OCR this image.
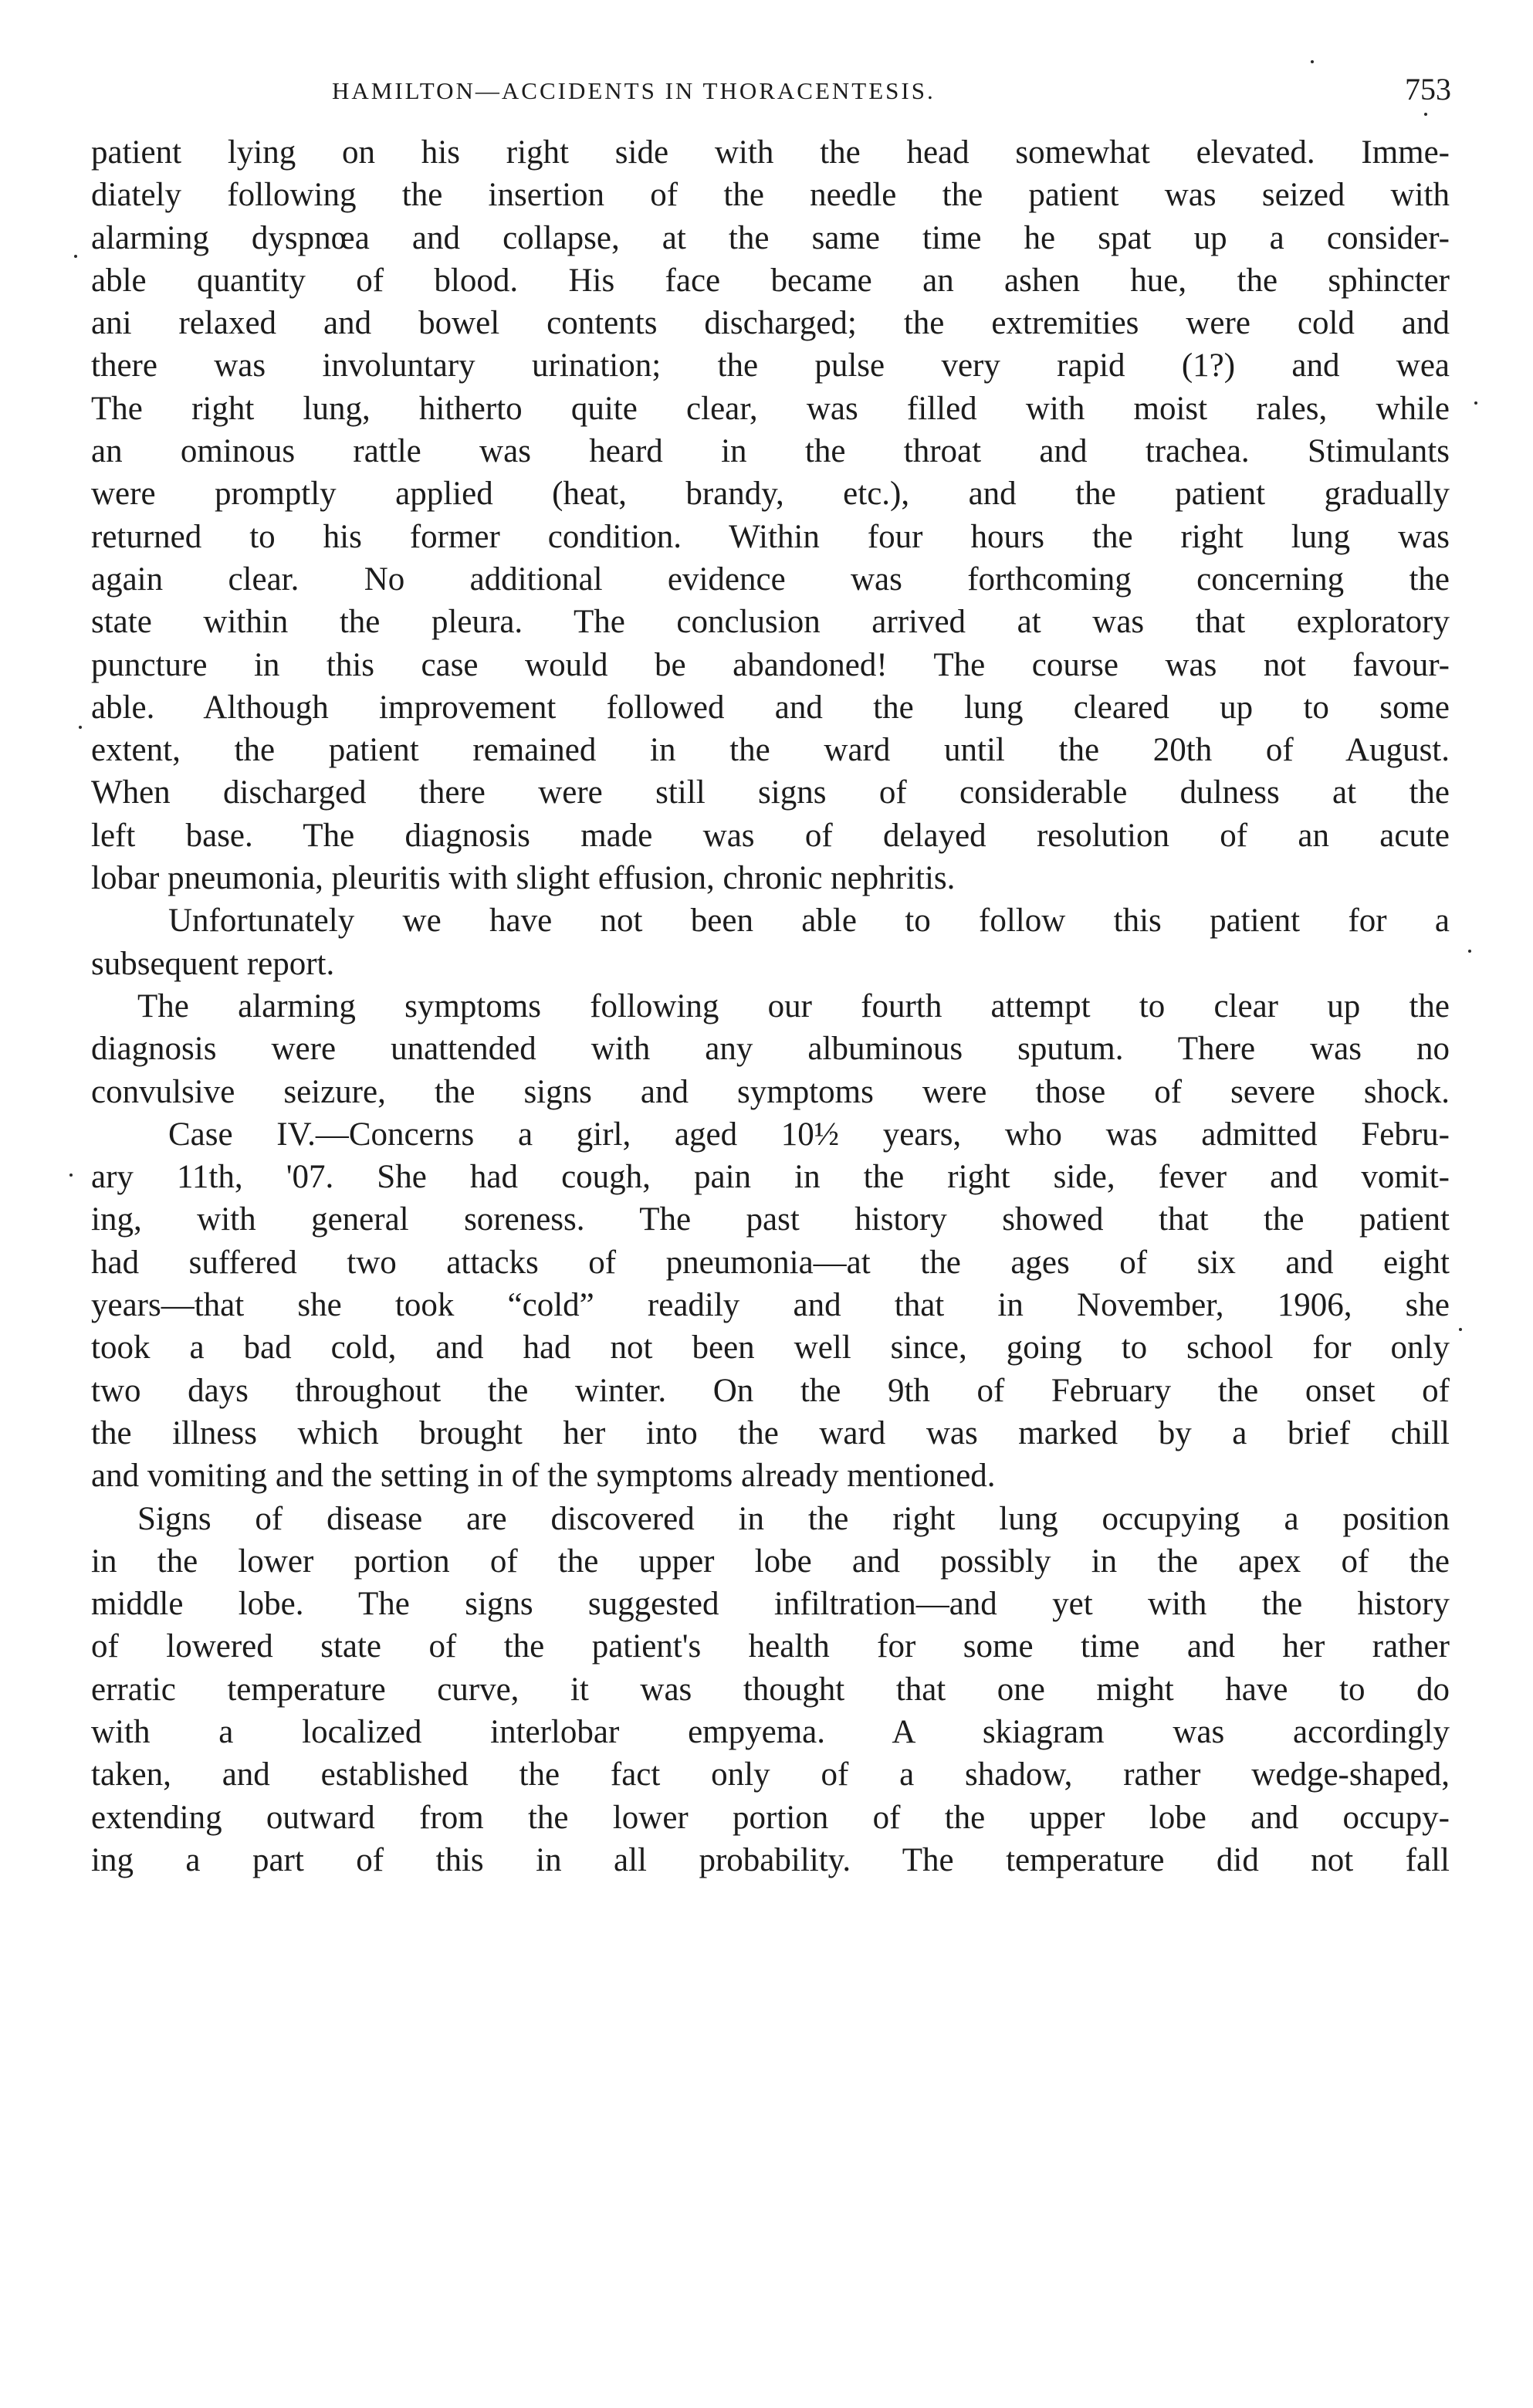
HAMILTON—ACCIDENTS IN THORACENTESIS.	753
patient lying on his right side with the head somewhat elevated. Imme-
diately following the insertion of the needle the patient was seized with
alarming dyspnœa and collapse, at the same time he spat up a consider-
able quantity of blood. His face became an ashen hue, the sphincter
ani relaxed and bowel contents discharged; the extremities were cold and
there was involuntary urination; the pulse very rapid (1?) and wea
The right lung, hitherto quite clear, was filled with moist rales, while
an ominous rattle was heard in the throat and trachea. Stimulants
were promptly applied (heat, brandy, etc.), and the patient gradually
returned to his former condition. Within four hours the right lung was
again clear. No additional evidence was forthcoming concerning the
state within the pleura. The conclusion arrived at was that exploratory
puncture in this case would be abandoned! The course was not favour-
able. Although improvement followed and the lung cleared up to some
extent, the patient remained in the ward until the 20th of August.
When discharged there were still signs of considerable dulness at the
left base. The diagnosis made was of delayed resolution of an acute
lobar pneumonia, pleuritis with slight effusion, chronic nephritis.
Unfortunately we have not been able to follow this patient for a
subsequent report.
The alarming symptoms following our fourth attempt to clear up the
diagnosis were unattended with any albuminous sputum. There was no
convulsive seizure, the signs and symptoms were those of severe shock.
Case IV.—Concerns a girl, aged 10½ years, who was admitted Febru-
ary 11th, '07. She had cough, pain in the right side, fever and vomit-
ing, with general soreness. The past history showed that the patient
had suffered two attacks of pneumonia—at the ages of six and eight
years—that she took “cold” readily and that in November, 1906, she
took a bad cold, and had not been well since, going to school for only
two days throughout the winter. On the 9th of February the onset of
the illness which brought her into the ward was marked by a brief chill
and vomiting and the setting in of the symptoms already mentioned.
Signs of disease are discovered in the right lung occupying a position
in the lower portion of the upper lobe and possibly in the apex of the
middle lobe. The signs suggested infiltration—and yet with the history
of lowered state of the patient's health for some time and her rather
erratic temperature curve, it was thought that one might have to do
with a localized interlobar empyema. A skiagram was accordingly
taken, and established the fact only of a shadow, rather wedge-shaped,
extending outward from the lower portion of the upper lobe and occupy-
ing a part of this in all probability. The temperature did not fall
